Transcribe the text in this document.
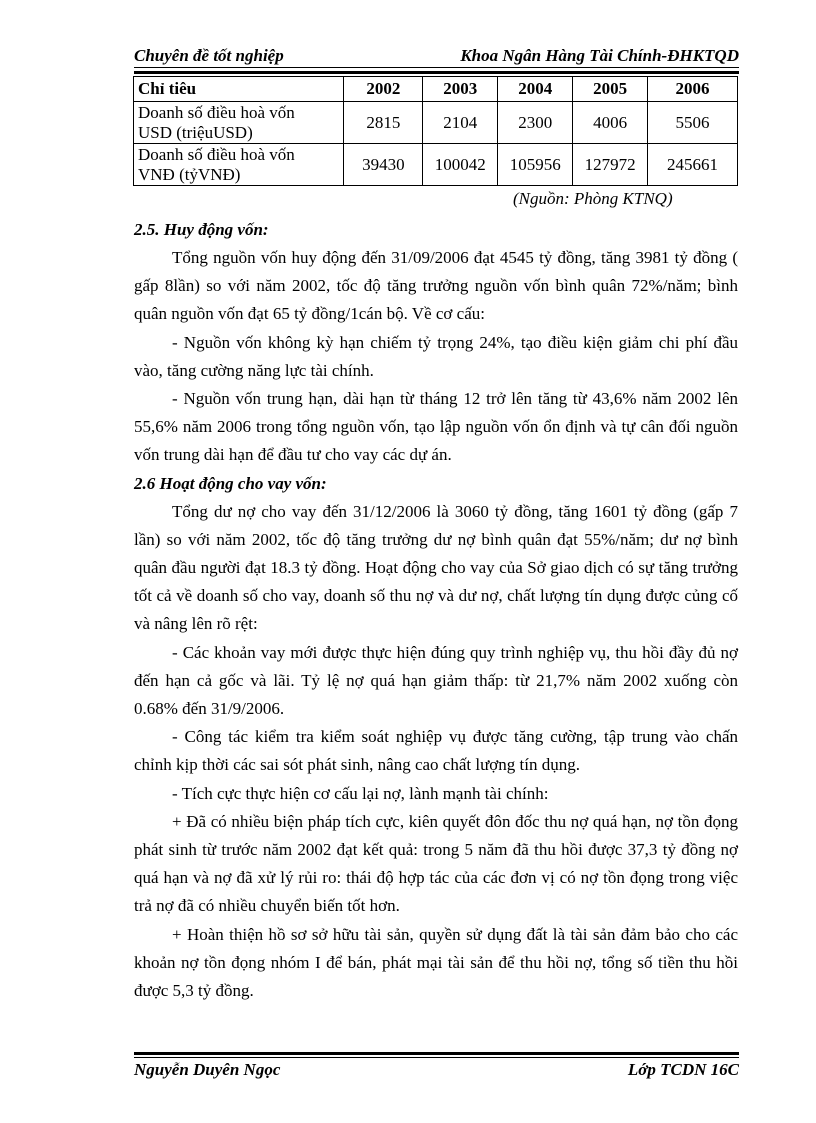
Chuyên đề tốt nghiệp	Khoa Ngân Hàng Tài Chính-ĐHKTQD
Chỉ tiêu	2002	2003	2004	2005	2006
Doanh số điều hoà vốn
USD (triệuUSD)	2815	2104	2300	4006	5506
Doanh số điều hoà vốn
VNĐ (tỷVNĐ)	39430	100042	105956	127972	245661
(Nguồn: Phòng KTNQ)
2.5. Huy động vốn:

Tổng nguồn vốn huy động đến 31/09/2006 đạt 4545 tỷ đồng, tăng 3981 tỷ đồng ( gấp 8lần) so với năm 2002, tốc độ tăng trưởng nguồn vốn bình quân 72%/năm; bình quân nguồn vốn đạt 65 tỷ đồng/1cán bộ. Về cơ cấu:

- Nguồn vốn không kỳ hạn chiếm tỷ trọng 24%, tạo điều kiện giảm chi phí đầu vào, tăng cường năng lực tài chính.

- Nguồn vốn trung hạn, dài hạn từ tháng 12 trở lên tăng từ 43,6% năm 2002 lên 55,6% năm 2006 trong tổng nguồn vốn, tạo lập nguồn vốn ổn định và tự cân đối nguồn vốn trung dài hạn để đầu tư cho vay các dự án.

2.6 Hoạt động cho vay vốn:

Tổng dư nợ cho vay đến 31/12/2006 là 3060 tỷ đồng, tăng 1601 tỷ đồng (gấp 7 lần) so với năm 2002, tốc độ tăng trưởng dư nợ bình quân đạt 55%/năm; dư nợ bình quân đầu người đạt 18.3 tỷ đồng. Hoạt động cho vay của Sở giao dịch có sự tăng trưởng tốt cả về doanh số cho vay, doanh số thu nợ và dư nợ, chất lượng tín dụng được củng cố và nâng lên rõ rệt:

- Các khoản vay mới được thực hiện đúng quy trình nghiệp vụ, thu hồi đầy đủ nợ đến hạn cả gốc và lãi. Tỷ lệ nợ quá hạn giảm thấp: từ 21,7% năm 2002 xuống còn 0.68% đến 31/9/2006.

- Công tác kiểm tra kiểm soát nghiệp vụ được tăng cường, tập trung vào chấn chỉnh kịp thời các sai sót phát sinh, nâng cao chất lượng tín dụng.

- Tích cực thực hiện cơ cấu lại nợ, lành mạnh tài chính:

+ Đã có nhiều biện pháp tích cực, kiên quyết đôn đốc thu nợ quá hạn, nợ tồn đọng phát sinh từ trước năm 2002 đạt kết quả: trong 5 năm đã thu hồi được 37,3 tỷ đồng nợ quá hạn và nợ đã xử lý rủi ro: thái độ hợp tác của các đơn vị có nợ tồn đọng trong việc trả nợ đã có nhiều chuyển biến tốt hơn.

+ Hoàn thiện hồ sơ sở hữu tài sản, quyền sử dụng đất là tài sản đảm bảo cho các khoản nợ tồn đọng nhóm I để bán, phát mại tài sản để thu hồi nợ, tổng số tiền thu hồi được 5,3 tỷ đồng.

Nguyễn Duyên Ngọc	Lớp TCDN 16C
